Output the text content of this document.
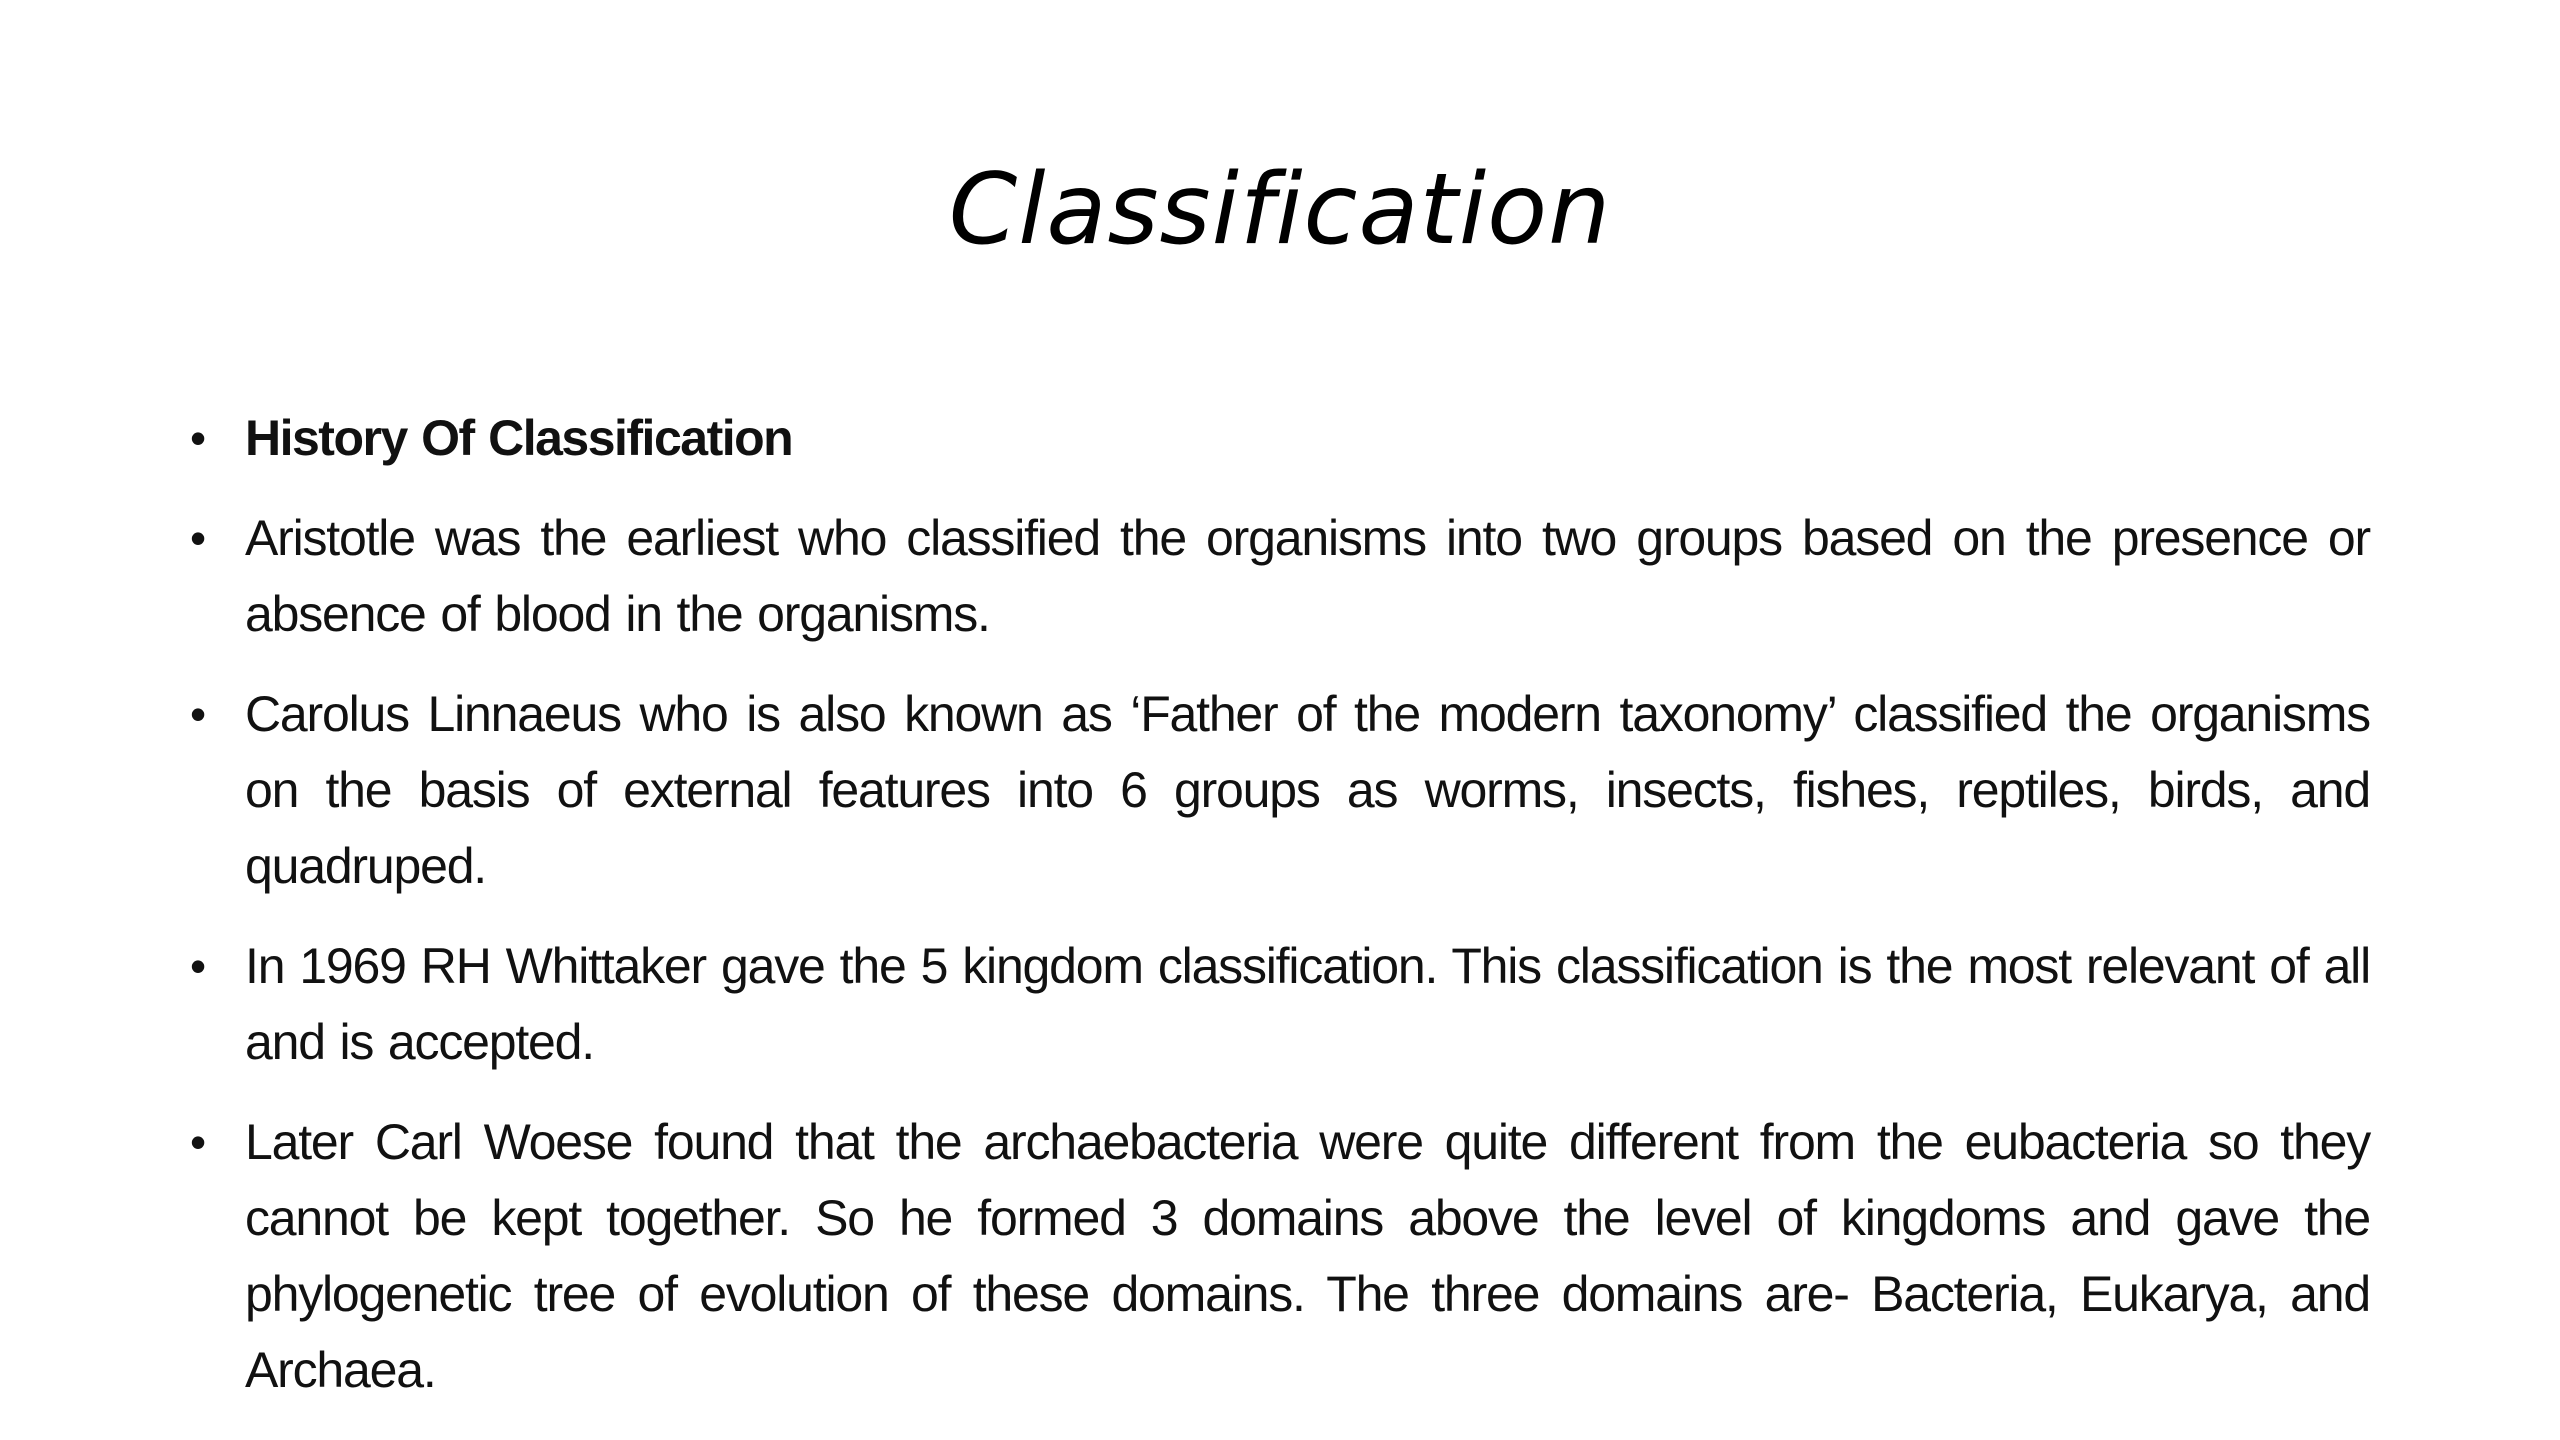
Classification
• History Of Classification
• Aristotle was the earliest who classified the organisms into two groups based on the presence or absence of blood in the organisms.
• Carolus Linnaeus who is also known as ‘Father of the modern taxonomy’ classified the organisms on the basis of external features into 6 groups as worms, insects, fishes, reptiles, birds, and quadruped.
• In 1969 RH Whittaker gave the 5 kingdom classification. This classification is the most relevant of all and is accepted.
• Later Carl Woese found that the archaebacteria were quite different from the eubacteria so they cannot be kept together. So he formed 3 domains above the level of kingdoms and gave the phylogenetic tree of evolution of these domains. The three domains are- Bacteria, Eukarya, and Archaea.
